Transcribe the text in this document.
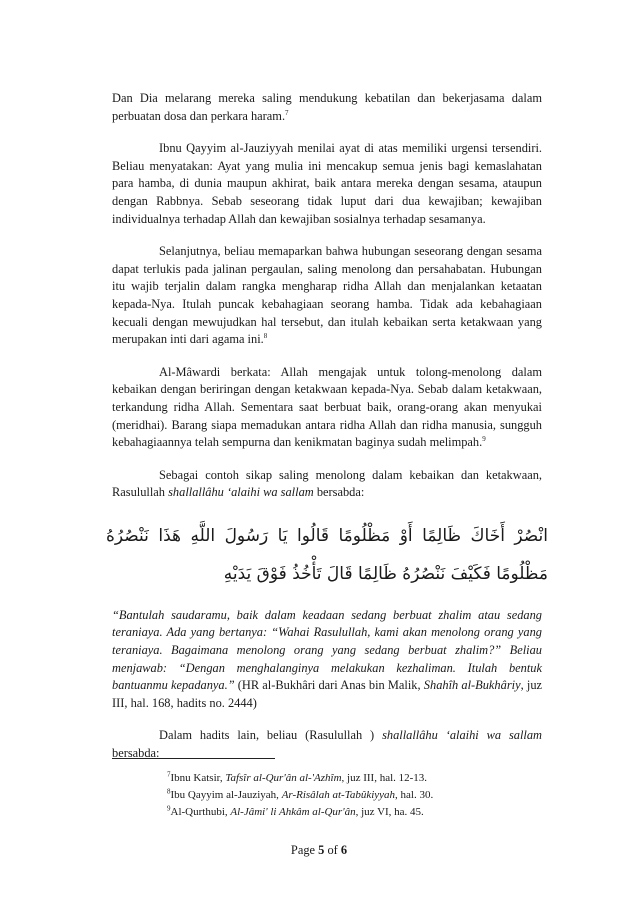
Dan Dia melarang mereka saling mendukung kebatilan dan bekerjasama dalam perbuatan dosa dan perkara haram.$^7$

Ibnu Qayyim al-Jauziyyah menilai ayat di atas memiliki urgensi tersendiri. Beliau menyatakan: Ayat yang mulia ini mencakup semua jenis bagi kemaslahatan para hamba, di dunia maupun akhirat, baik antara mereka dengan sesama, ataupun dengan Rabbnya. Sebab seseorang tidak luput dari dua kewajiban; kewajiban individualnya terhadap Allah dan kewajiban sosialnya terhadap sesamanya.

Selanjutnya, beliau memaparkan bahwa hubungan seseorang dengan sesama dapat terlukis pada jalinan pergaulan, saling menolong dan persahabatan. Hubungan itu wajib terjalin dalam rangka mengharap ridha Allah dan menjalankan ketaatan kepada-Nya. Itulah puncak kebahagiaan seorang hamba. Tidak ada kebahagiaan kecuali dengan mewujudkan hal tersebut, dan itulah kebaikan serta ketakwaan yang merupakan inti dari agama ini.$^8$

Al-Mâwardi berkata: Allah mengajak untuk tolong-menolong dalam kebaikan dengan beriringan dengan ketakwaan kepada-Nya. Sebab dalam ketakwaan, terkandung ridha Allah. Sementara saat berbuat baik, orang-orang akan menyukai (meridhai). Barang siapa memadukan antara ridha Allah dan ridha manusia, sungguh kebahagiaannya telah sempurna dan kenikmatan baginya sudah melimpah.$^9$

Sebagai contoh sikap saling menolong dalam kebaikan dan ketakwaan, Rasulullah shallallâhu ‘alaihi wa sallam bersabda:

انْصُرْ أَخَاكَ ظَالِمًا أَوْ مَظْلُومًا قَالُوا يَا رَسُولَ اللَّهِ هَذَا نَنْصُرُهُ مَظْلُومًا فَكَيْفَ نَنْصُرُهُ ظَالِمًا قَالَ تَأْخُذُ فَوْقَ يَدَيْهِ

“Bantulah saudaramu, baik dalam keadaan sedang berbuat zhalim atau sedang teraniaya. Ada yang bertanya: “Wahai Rasulullah, kami akan menolong orang yang teraniaya. Bagaimana menolong orang yang sedang berbuat zhalim?” Beliau menjawab: “Dengan menghalanginya melakukan kezhaliman. Itulah bentuk bantuanmu kepadanya.” (HR al-Bukhâri dari Anas bin Malik, Shahîh al-Bukhâriy, juz III, hal. 168, hadits no. 2444)

Dalam hadits lain, beliau (Rasulullah ) shallallâhu ‘alaihi wa sallam bersabda:

$^7$Ibnu Katsir, Tafsîr al-Qur'ân al-'Azhîm, juz III, hal. 12-13.

$^8$Ibu Qayyim al-Jauziyah, Ar-Risâlah at-Tabûkiyyah, hal. 30.

$^9$Al-Qurthubi, Al-Jâmi' li Ahkâm al-Qur'ân, juz VI, ha. 45.

Page 5 of 6
